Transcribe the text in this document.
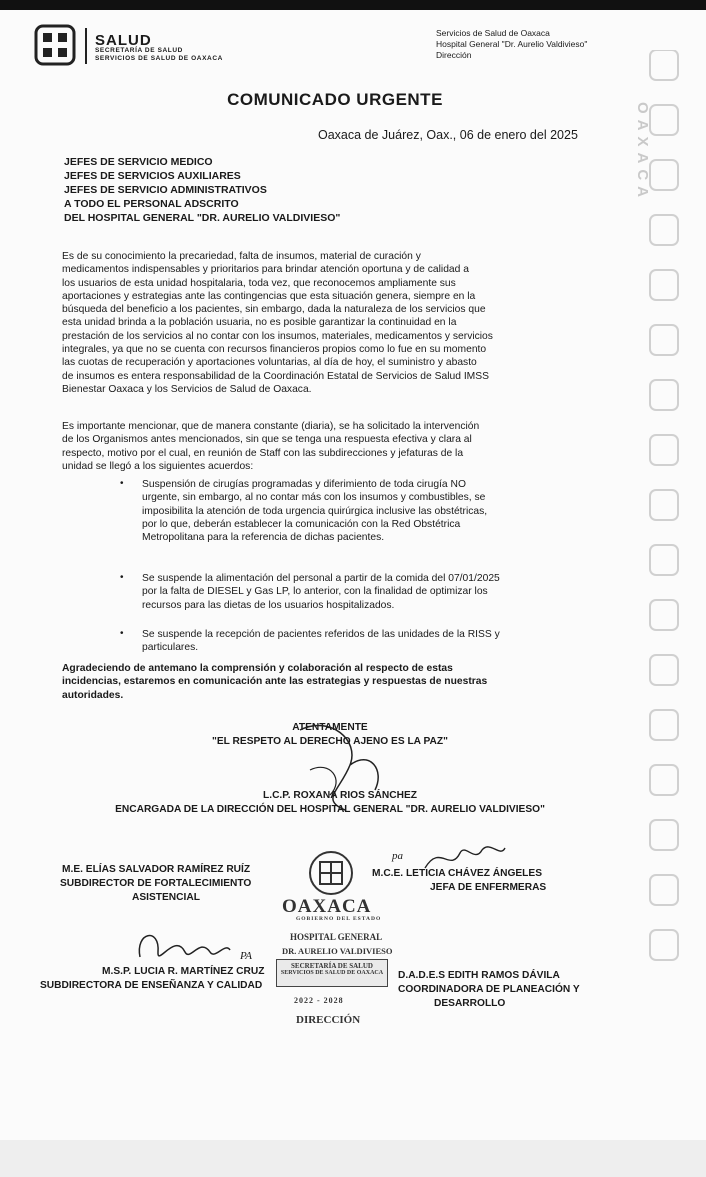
SALUD
SECRETARÍA DE SALUD
SERVICIOS DE SALUD DE OAXACA
Servicios de Salud de Oaxaca
Hospital General "Dr. Aurelio Valdivieso"
Dirección
OAXACA
COMUNICADO URGENTE
Oaxaca de Juárez, Oax., 06 de enero del 2025
JEFES DE SERVICIO MEDICO
JEFES DE SERVICIOS AUXILIARES
JEFES DE SERVICIO ADMINISTRATIVOS
A TODO EL PERSONAL ADSCRITO
DEL HOSPITAL GENERAL "DR. AURELIO VALDIVIESO"
Es de su conocimiento la precariedad, falta de insumos, material de curación y
medicamentos indispensables y prioritarios para brindar atención oportuna y de calidad a
los usuarios de esta unidad hospitalaria, toda vez, que reconocemos ampliamente sus
aportaciones y estrategias ante las contingencias que esta situación genera, siempre en la
búsqueda del beneficio a los pacientes, sin embargo, dada la naturaleza de los servicios que
esta unidad brinda a la población usuaria, no es posible garantizar la continuidad en la
prestación de los servicios al no contar con los insumos, materiales, medicamentos y servicios
integrales, ya que no se cuenta con recursos financieros propios como lo fue en su momento
las cuotas de recuperación y aportaciones voluntarias, al día de hoy, el suministro y abasto
de insumos es entera responsabilidad de la Coordinación Estatal de Servicios de Salud IMSS
Bienestar Oaxaca y los Servicios de Salud de Oaxaca.
Es importante mencionar, que de manera constante (diaria), se ha solicitado la intervención
de los Organismos antes mencionados, sin que se tenga una respuesta efectiva y clara al
respecto, motivo por el cual, en reunión de Staff con las subdirecciones y jefaturas de la
unidad se llegó a los siguientes acuerdos:
• Suspensión de cirugías programadas y diferimiento de toda cirugía NO
urgente, sin embargo, al no contar más con los insumos y combustibles, se
imposibilita la atención de toda urgencia quirúrgica inclusive las obstétricas,
por lo que, deberán establecer la comunicación con la Red Obstétrica
Metropolitana para la referencia de dichas pacientes.
• Se suspende la alimentación del personal a partir de la comida del 07/01/2025
por la falta de DIESEL y Gas LP, lo anterior, con la finalidad de optimizar los
recursos para las dietas de los usuarios hospitalizados.
• Se suspende la recepción de pacientes referidos de las unidades de la RISS y
particulares.
Agradeciendo de antemano la comprensión y colaboración al respecto de estas
incidencias, estaremos en comunicación ante las estrategias y respuestas de nuestras
autoridades.
ATENTAMENTE
"EL RESPETO AL DERECHO AJENO ES LA PAZ"
L.C.P. ROXANA RIOS SÁNCHEZ
ENCARGADA DE LA DIRECCIÓN DEL HOSPITAL GENERAL "DR. AURELIO VALDIVIESO"
M.E. ELÍAS SALVADOR RAMÍREZ RUÍZ
SUBDIRECTOR DE FORTALECIMIENTO
ASISTENCIAL
M.C.E. LETICIA CHÁVEZ ÁNGELES
JEFA DE ENFERMERAS
pa
OAXACA
GOBIERNO DEL ESTADO
HOSPITAL GENERAL
DR. AURELIO VALDIVIESO
SECRETARÍA DE SALUD
SERVICIOS DE SALUD DE OAXACA
2022 - 2028
DIRECCIÓN
PA
M.S.P. LUCIA R. MARTÍNEZ CRUZ
SUBDIRECTORA DE ENSEÑANZA Y CALIDAD
D.A.D.E.S EDITH RAMOS DÁVILA
COORDINADORA DE PLANEACIÓN Y
DESARROLLO
